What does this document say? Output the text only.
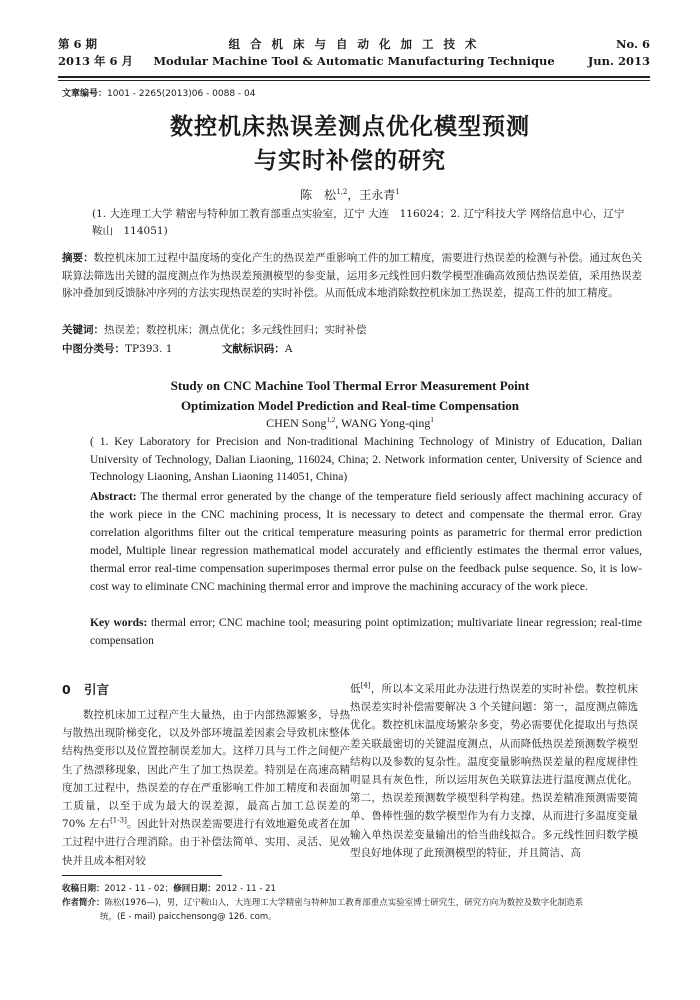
第 6 期
2013 年 6 月
组 合 机 床 与 自 动 化 加 工 技 术
Modular Machine Tool & Automatic Manufacturing Technique
No. 6
Jun. 2013
文章编号：1001 - 2265(2013)06 - 0088 - 04
数控机床热误差测点优化模型预测
与实时补偿的研究
陈　松$^{1,2}$，王永青$^1$
(1. 大连理工大学 精密与特种加工教育部重点实验室，辽宁 大连　116024；2. 辽宁科技大学 网络信息中心，辽宁 鞍山　114051)
摘要：数控机床加工过程中温度场的变化产生的热误差严重影响工件的加工精度，需要进行热误差的检测与补偿。通过灰色关联算法筛选出关键的温度测点作为热误差预测模型的参变量，运用多元线性回归数学模型准确高效预估热误差值，采用热误差脉冲叠加到反馈脉冲序列的方法实现热误差的实时补偿。从而低成本地消除数控机床加工热误差，提高工件的加工精度。
关键词：热误差；数控机床；测点优化；多元线性回归；实时补偿
中图分类号：TP393. 1	文献标识码：A
Study on CNC Machine Tool Thermal Error Measurement Point
Optimization Model Prediction and Real-time Compensation
CHEN Song$^{1,2}$, WANG Yong-qing$^1$
( 1. Key Laboratory for Precision and Non-traditional Machining Technology of Ministry of Education, Dalian University of Technology, Dalian Liaoning, 116024, China; 2. Network information center, University of Science and Technology Liaoning, Anshan Liaoning 114051, China)
Abstract: The thermal error generated by the change of the temperature field seriously affect machining accuracy of the work piece in the CNC machining process, It is necessary to detect and compensate the thermal error. Gray correlation algorithms filter out the critical temperature measuring points as parametric for thermal error prediction model, Multiple linear regression mathematical model accurately and efficiently estimates the thermal error values, thermal error real-time compensation superimposes thermal error pulse on the feedback pulse sequence. So, it is low-cost way to eliminate CNC machining thermal error and improve the machining accuracy of the work piece.
Key words: thermal error; CNC machine tool; measuring point optimization; multivariate linear regression; real-time compensation
0 引言
数控机床加工过程产生大量热，由于内部热源繁多，导热与散热出现阶梯变化，以及外部环境温差因素会导致机床整体结构热变形以及位置控制误差加大。这样刀具与工件之间便产生了热漂移现象，因此产生了加工热误差。特别是在高速高精度加工过程中，热误差的存在严重影响工件加工精度和表面加工质量，以至于成为最大的误差源，最高占加工总误差的 70% 左右[1-3]。因此针对热误差需要进行有效地避免或者在加工过程中进行合理消除。由于补偿法简单、实用、灵活、见效快并且成本相对较
低[4]，所以本文采用此办法进行热误差的实时补偿。数控机床热误差实时补偿需要解决 3 个关键问题：第一，温度测点筛选优化。数控机床温度场繁杂多变，势必需要优化提取出与热误差关联最密切的关键温度测点，从而降低热误差预测数学模型结构以及参数的复杂性。温度变量影响热误差量的程度规律性明显具有灰色性，所以运用灰色关联算法进行温度测点优化。第二，热误差预测数学模型科学构建。热误差精准预测需要简单、鲁棒性强的数学模型作为有力支撑，从而进行多温度变量输入单热误差变量输出的恰当曲线拟合。多元线性回归数学模型良好地体现了此预测模型的特征，并且简洁、高
收稿日期：2012 - 11 - 02；修回日期：2012 - 11 - 21
作者简介：陈松(1976—)，男，辽宁鞍山人，大连理工大学精密与特种加工教育部重点实验室博士研究生，研究方向为数控及数字化制造系
统，(E - mail) paicchensong@ 126. com。
